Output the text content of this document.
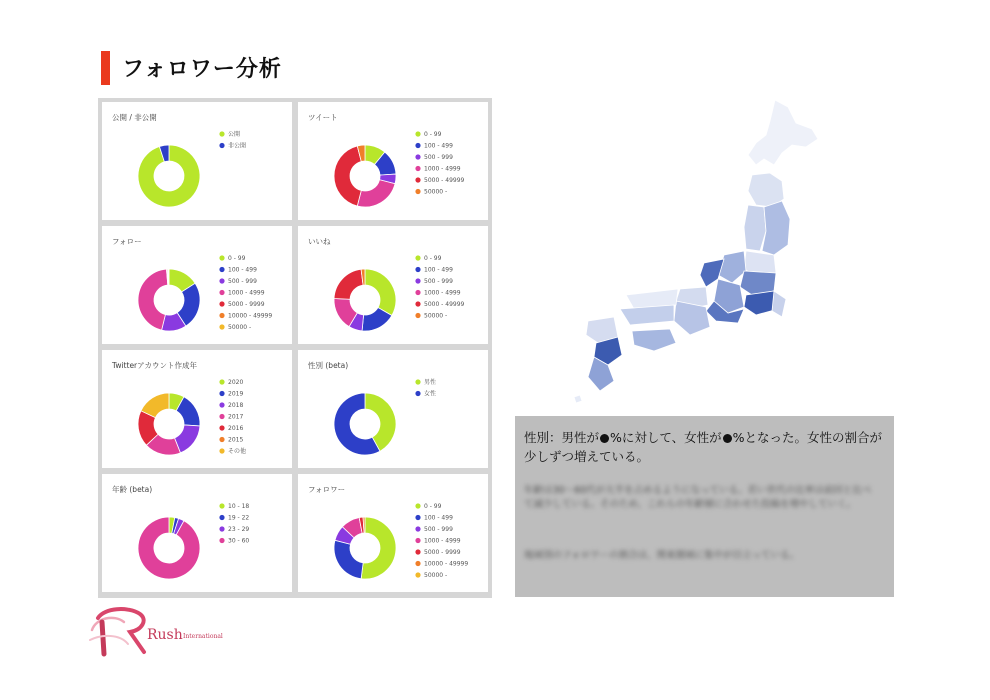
フォロワー分析
公開 / 非公開
公開
非公開
ツイート
0 - 99
100 - 499
500 - 999
1000 - 4999
5000 - 49999
50000 -
フォロー
0 - 99
100 - 499
500 - 999
1000 - 4999
5000 - 9999
10000 - 49999
50000 -
いいね
0 - 99
100 - 499
500 - 999
1000 - 4999
5000 - 49999
50000 -
Twitterアカウント作成年
2020
2019
2018
2017
2016
2015
その他
性別 (beta)
男性
女性
年齢 (beta)
10 - 18
19 - 22
23 - 29
30 - 60
フォロワー
0 - 99
100 - 499
500 - 999
1000 - 4999
5000 - 9999
10000 - 49999
50000 -
性別：男性が %に対して、女性が %となった。女性の割合が少しずつ増えている。
年齢は30〜60代が大半を占めるようになっている。若い世代の比率は前回と比べて減少している。そのため、これらの年齢層に合わせた投稿を増やしていく。
地域別のフォロワーの割合は、関東圏域に集中が目立っている。
Rush International
